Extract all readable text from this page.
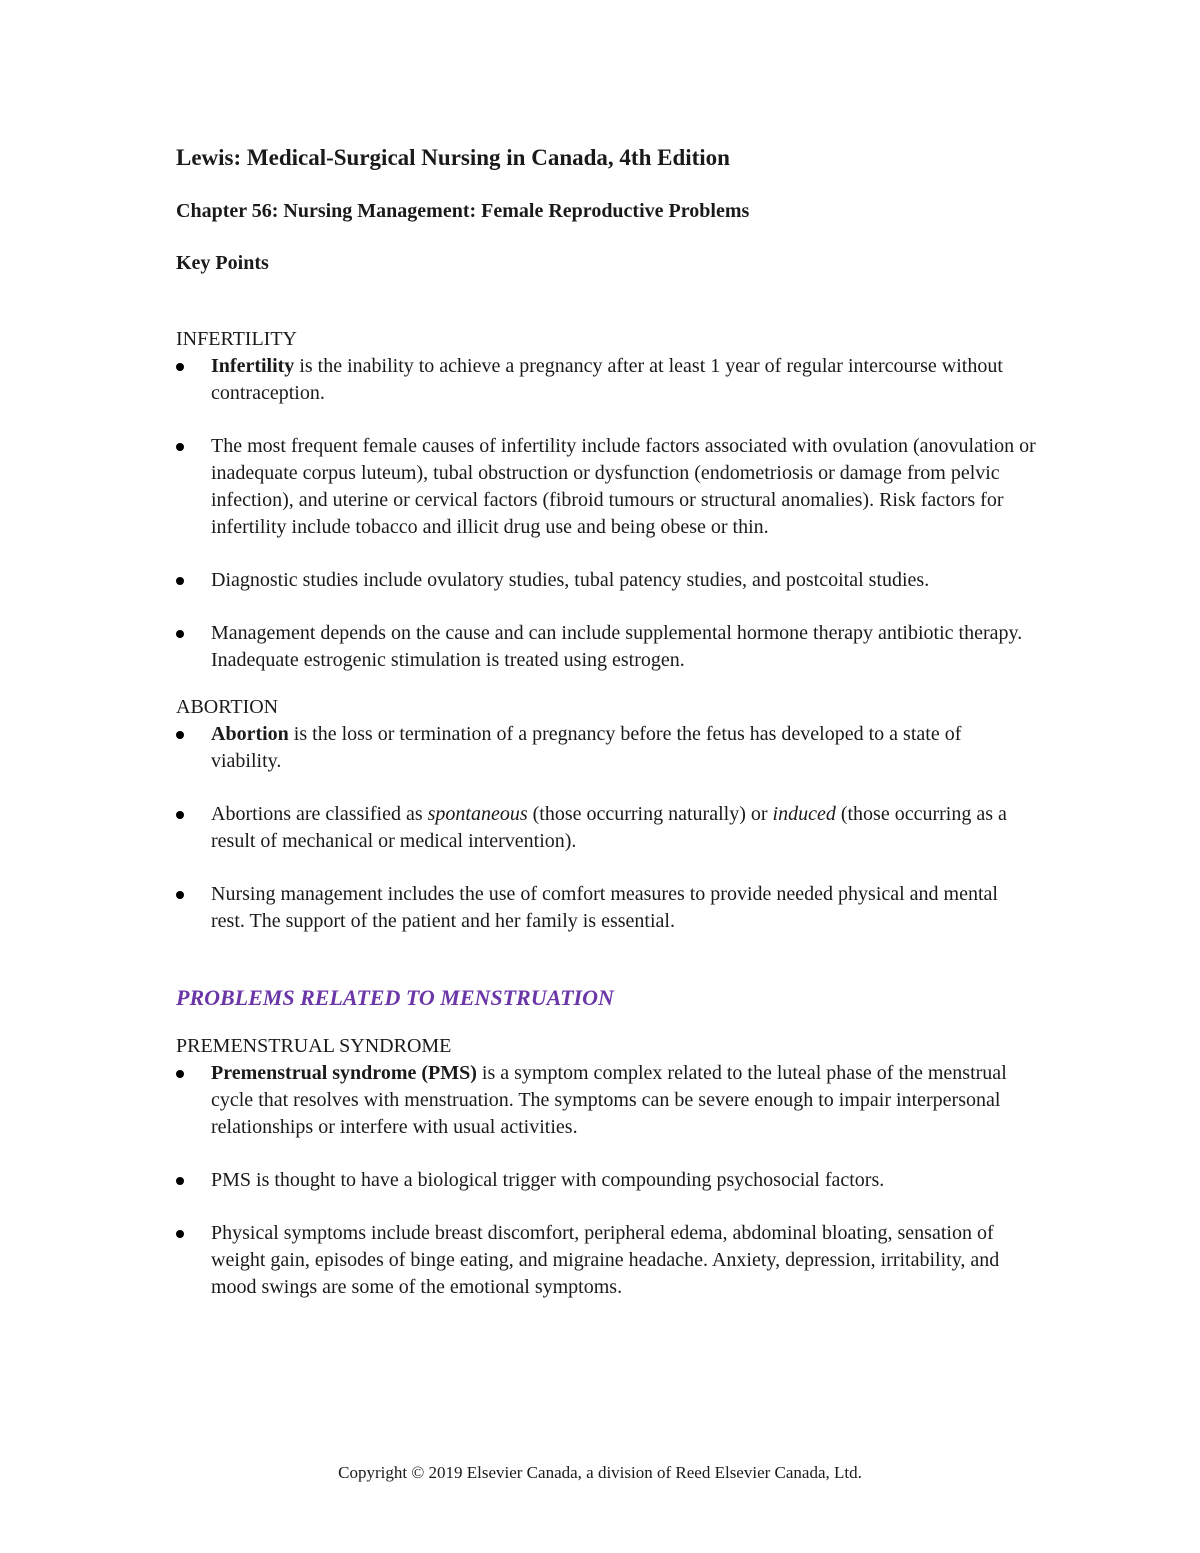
Lewis: Medical-Surgical Nursing in Canada, 4th Edition
Chapter 56: Nursing Management: Female Reproductive Problems
Key Points
INFERTILITY
Infertility is the inability to achieve a pregnancy after at least 1 year of regular intercourse without contraception.
The most frequent female causes of infertility include factors associated with ovulation (anovulation or inadequate corpus luteum), tubal obstruction or dysfunction (endometriosis or damage from pelvic infection), and uterine or cervical factors (fibroid tumours or structural anomalies). Risk factors for infertility include tobacco and illicit drug use and being obese or thin.
Diagnostic studies include ovulatory studies, tubal patency studies, and postcoital studies.
Management depends on the cause and can include supplemental hormone therapy antibiotic therapy. Inadequate estrogenic stimulation is treated using estrogen.
ABORTION
Abortion is the loss or termination of a pregnancy before the fetus has developed to a state of viability.
Abortions are classified as spontaneous (those occurring naturally) or induced (those occurring as a result of mechanical or medical intervention).
Nursing management includes the use of comfort measures to provide needed physical and mental rest. The support of the patient and her family is essential.
PROBLEMS RELATED TO MENSTRUATION
PREMENSTRUAL SYNDROME
Premenstrual syndrome (PMS) is a symptom complex related to the luteal phase of the menstrual cycle that resolves with menstruation. The symptoms can be severe enough to impair interpersonal relationships or interfere with usual activities.
PMS is thought to have a biological trigger with compounding psychosocial factors.
Physical symptoms include breast discomfort, peripheral edema, abdominal bloating, sensation of weight gain, episodes of binge eating, and migraine headache. Anxiety, depression, irritability, and mood swings are some of the emotional symptoms.
Copyright © 2019 Elsevier Canada, a division of Reed Elsevier Canada, Ltd.
